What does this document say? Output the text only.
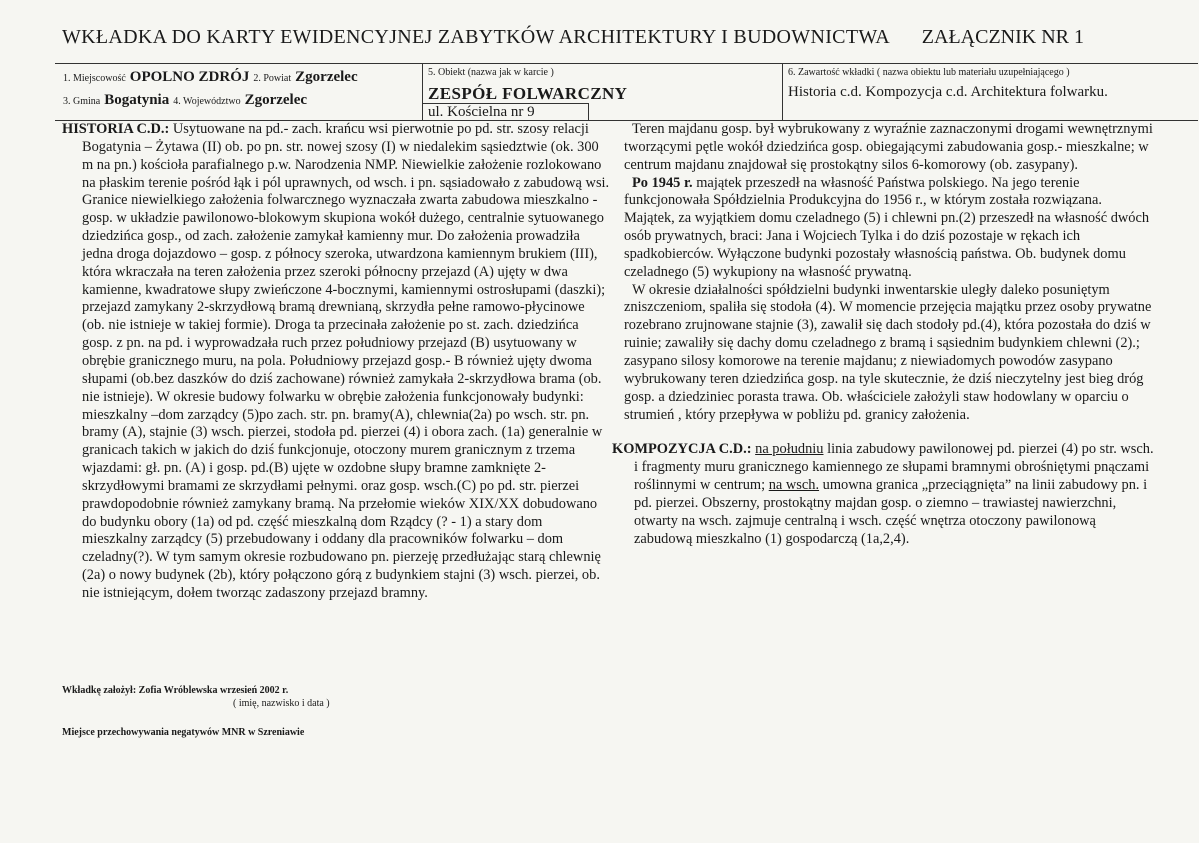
WKŁADKA DO KARTY EWIDENCYJNEJ ZABYTKÓW ARCHITEKTURY I BUDOWNICTWA ZAŁĄCZNIK NR 1
1. Miejscowość OPOLNO ZDRÓJ 2. Powiat Zgorzelec
3. Gmina Bogatynia 4. Województwo Zgorzelec
5. Obiekt (nazwa jak w karcie )
ZESPÓŁ FOLWARCZNY
ul. Kościelna nr 9
6. Zawartość wkładki ( nazwa obiektu lub materiału uzupełniającego )
Historia c.d. Kompozycja c.d. Architektura folwarku.

HISTORIA C.D.: Usytuowane na pd.- zach. krańcu wsi pierwotnie po pd. str. szosy relacji Bogatynia – Żytawa (II) ob. po pn. str. nowej szosy (I) w niedalekim sąsiedztwie (ok. 300 m na pn.) kościoła parafialnego p.w. Narodzenia NMP. Niewielkie założenie rozlokowano na płaskim terenie pośród łąk i pól uprawnych, od wsch. i pn. sąsiadowało z zabudową wsi. Granice niewielkiego założenia folwarcznego wyznaczała zwarta zabudowa mieszkalno - gosp. w układzie pawilonowo-blokowym skupiona wokół dużego, centralnie sytuowanego dziedzińca gosp., od zach. założenie zamykał kamienny mur. Do założenia prowadziła jedna droga dojazdowo – gosp. z północy szeroka, utwardzona kamiennym brukiem (III), która wkraczała na teren założenia przez szeroki północny przejazd (A) ujęty w dwa kamienne, kwadratowe słupy zwieńczone 4-bocznymi, kamiennymi ostrosłupami (daszki); przejazd zamykany 2-skrzydłową bramą drewnianą, skrzydła pełne ramowo-płycinowe (ob. nie istnieje w takiej formie). Droga ta przecinała założenie po st. zach. dziedzińca gosp. z pn. na pd. i wyprowadzała ruch przez południowy przejazd (B) usytuowany w obrębie granicznego muru, na pola. Południowy przejazd gosp.- B również ujęty dwoma słupami (ob.bez daszków do dziś zachowane) również zamykała 2-skrzydłowa brama (ob. nie istnieje). W okresie budowy folwarku w obrębie założenia funkcjonowały budynki: mieszkalny –dom zarządcy (5)po zach. str. pn. bramy(A), chlewnia(2a) po wsch. str. pn. bramy (A), stajnie (3) wsch. pierzei, stodoła pd. pierzei (4) i obora zach. (1a) generalnie w granicach takich w jakich do dziś funkcjonuje, otoczony murem granicznym z trzema wjazdami: gł. pn. (A) i gosp. pd.(B) ujęte w ozdobne słupy bramne zamknięte 2-skrzydłowymi bramami ze skrzydłami pełnymi. oraz gosp. wsch.(C) po pd. str. pierzei prawdopodobnie również zamykany bramą. Na przełomie wieków XIX/XX dobudowano do budynku obory (1a) od pd. część mieszkalną dom Rządcy (? - 1) a stary dom mieszkalny zarządcy (5) przebudowany i oddany dla pracowników folwarku – dom czeladny(?). W tym samym okresie rozbudowano pn. pierzeję przedłużając starą chlewnię (2a) o nowy budynek (2b), który połączono górą z budynkiem stajni (3) wsch. pierzei, ob. nie istniejącym, dołem tworząc zadaszony przejazd bramny.

Teren majdanu gosp. był wybrukowany z wyraźnie zaznaczonymi drogami wewnętrznymi tworzącymi pętle wokół dziedzińca gosp. obiegającymi zabudowania gosp.- mieszkalne; w centrum majdanu znajdował się prostokątny silos 6-komorowy (ob. zasypany).

Po 1945 r. majątek przeszedł na własność Państwa polskiego. Na jego terenie funkcjonowała Spółdzielnia Produkcyjna do 1956 r., w którym została rozwiązana. Majątek, za wyjątkiem domu czeladnego (5) i chlewni pn.(2) przeszedł na własność dwóch osób prywatnych, braci: Jana i Wojciech Tylka i do dziś pozostaje w rękach ich spadkobierców. Wyłączone budynki pozostały własnością państwa. Ob. budynek domu czeladnego (5) wykupiony na własność prywatną.

W okresie działalności spółdzielni budynki inwentarskie uległy daleko posuniętym zniszczeniom, spaliła się stodoła (4). W momencie przejęcia majątku przez osoby prywatne rozebrano zrujnowane stajnie (3), zawalił się dach stodoły pd.(4), która pozostała do dziś w ruinie; zawaliły się dachy domu czeladnego z bramą i sąsiednim budynkiem chlewni (2).; zasypano silosy komorowe na terenie majdanu; z niewiadomych powodów zasypano wybrukowany teren dziedzińca gosp. na tyle skutecznie, że dziś nieczytelny jest bieg dróg gosp. a dziedziniec porasta trawa. Ob. właściciele założyli staw hodowlany w oparciu o strumień , który przepływa w pobliżu pd. granicy założenia.

KOMPOZYCJA C.D.: na południu linia zabudowy pawilonowej pd. pierzei (4) po str. wsch. i fragmenty muru granicznego kamiennego ze słupami bramnymi obrośniętymi pnączami roślinnymi w centrum; na wsch. umowna granica „przeciągnięta” na linii zabudowy pn. i pd. pierzei. Obszerny, prostokątny majdan gosp. o ziemno – trawiastej nawierzchni, otwarty na wsch. zajmuje centralną i wsch. część wnętrza otoczony pawilonową zabudową mieszkalno (1) gospodarczą (1a,2,4).

Wkładkę założył: Zofia Wróblewska wrzesień 2002 r.
( imię, nazwisko i data )
Miejsce przechowywania negatywów MNR w Szreniawie
